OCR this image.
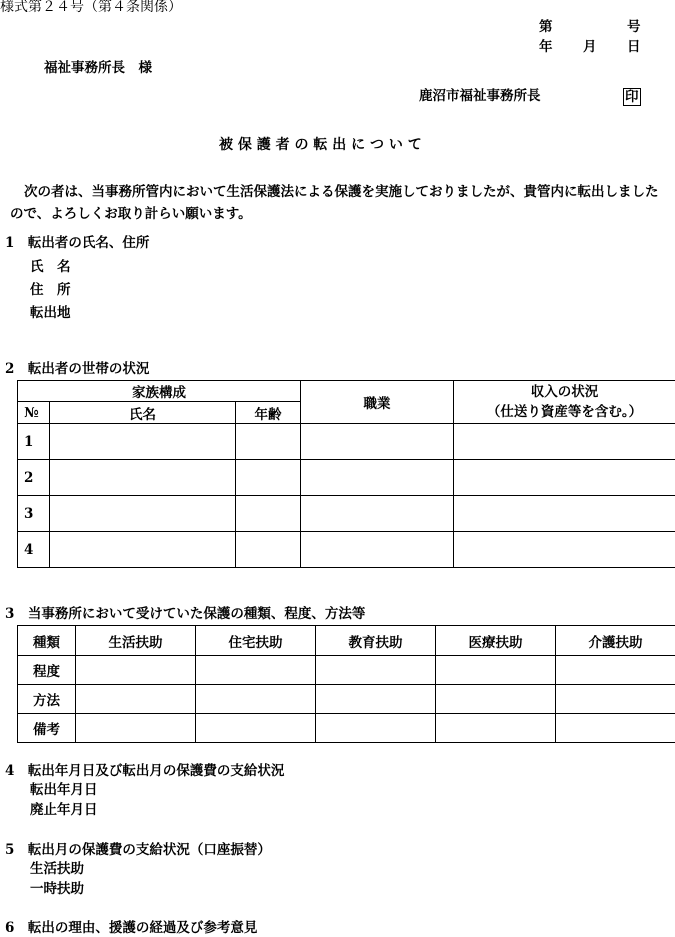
様式第２４号（第４条関係）
第	号
年 月 日
福祉事務所長　様
鹿沼市福祉事務所長	印
被 保 護 者 の 転 出 に つ い て
次の者は、当事務所管内において生活保護法による保護を実施しておりましたが、貴管内に転出しましたので、よろしくお取り計らい願います。
1　転出者の氏名、住所
氏　名
住　所
転出地
2　転出者の世帯の状況
家族構成			職業	収入の状況
（仕送り資産等を含む。）

№	氏名	年齢		
1				
2				
3				
4				
3　当事務所において受けていた保護の種類、程度、方法等
種類	生活扶助	住宅扶助	教育扶助	医療扶助	介護扶助
程度					
方法					
備考					
4　転出年月日及び転出月の保護費の支給状況
転出年月日
廃止年月日
5　転出月の保護費の支給状況（口座振替）
生活扶助
一時扶助
6　転出の理由、援護の経過及び参考意見
